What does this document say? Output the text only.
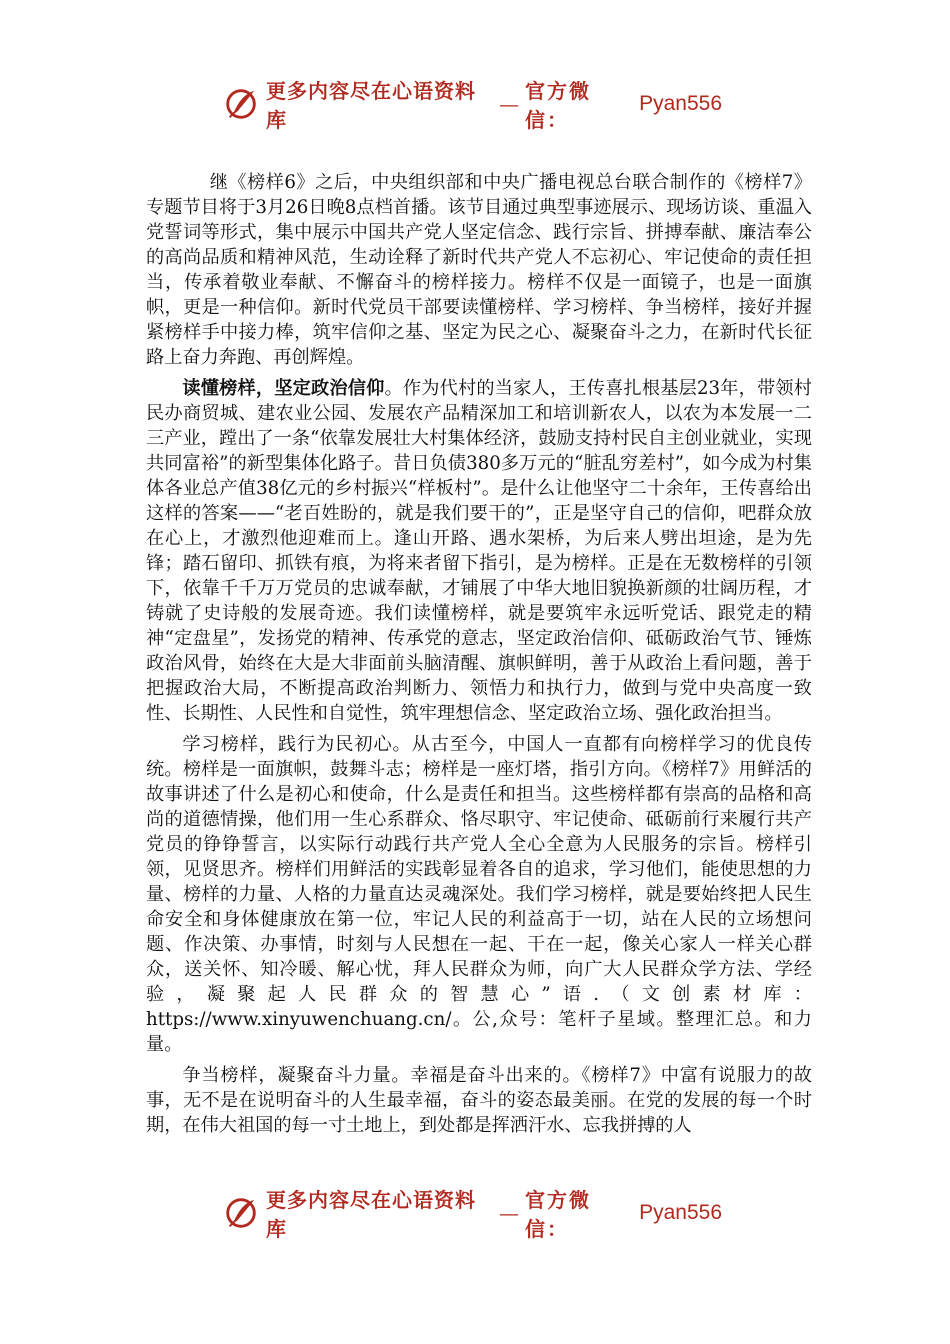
更多内容尽在心语资料库
—
官方微信：
Pyan556

继《榜样6》之后，中央组织部和中央广播电视总台联合制作的《榜样7》专题节目将于3月26日晚8点档首播。该节目通过典型事迹展示、现场访谈、重温入党誓词等形式，集中展示中国共产党人坚定信念、践行宗旨、拼搏奉献、廉洁奉公的高尚品质和精神风范，生动诠释了新时代共产党人不忘初心、牢记使命的责任担当，传承着敬业奉献、不懈奋斗的榜样接力。榜样不仅是一面镜子，也是一面旗帜，更是一种信仰。新时代党员干部要读懂榜样、学习榜样、争当榜样，接好并握紧榜样手中接力棒，筑牢信仰之基、坚定为民之心、凝聚奋斗之力，在新时代长征路上奋力奔跑、再创辉煌。

读懂榜样，坚定政治信仰。作为代村的当家人，王传喜扎根基层23年，带领村民办商贸城、建农业公园、发展农产品精深加工和培训新农人，以农为本发展一二三产业，蹚出了一条“依靠发展壮大村集体经济，鼓励支持村民自主创业就业，实现共同富裕”的新型集体化路子。昔日负债380多万元的“脏乱穷差村”，如今成为村集体各业总产值38亿元的乡村振兴“样板村”。是什么让他坚守二十余年，王传喜给出这样的答案——“老百姓盼的，就是我们要干的”，正是坚守自己的信仰，吧群众放在心上，才激烈他迎难而上。逢山开路、遇水架桥，为后来人劈出坦途，是为先锋；踏石留印、抓铁有痕，为将来者留下指引，是为榜样。正是在无数榜样的引领下，依靠千千万万党员的忠诚奉献，才铺展了中华大地旧貌换新颜的壮阔历程，才铸就了史诗般的发展奇迹。我们读懂榜样，就是要筑牢永远听党话、跟党走的精神“定盘星”，发扬党的精神、传承党的意志，坚定政治信仰、砥砺政治气节、锤炼政治风骨，始终在大是大非面前头脑清醒、旗帜鲜明，善于从政治上看问题，善于把握政治大局，不断提高政治判断力、领悟力和执行力，做到与党中央高度一致性、长期性、人民性和自觉性，筑牢理想信念、坚定政治立场、强化政治担当。

学习榜样，践行为民初心。从古至今，中国人一直都有向榜样学习的优良传统。榜样是一面旗帜，鼓舞斗志；榜样是一座灯塔，指引方向。《榜样7》用鲜活的故事讲述了什么是初心和使命，什么是责任和担当。这些榜样都有崇高的品格和高尚的道德情操，他们用一生心系群众、恪尽职守、牢记使命、砥砺前行来履行共产党员的铮铮誓言，以实际行动践行共产党人全心全意为人民服务的宗旨。榜样引领，见贤思齐。榜样们用鲜活的实践彰显着各自的追求，学习他们，能使思想的力量、榜样的力量、人格的力量直达灵魂深处。我们学习榜样，就是要始终把人民生命安全和身体健康放在第一位，牢记人民的利益高于一切，站在人民的立场想问题、作决策、办事情，时刻与人民想在一起、干在一起，像关心家人一样关心群众，送关怀、知冷暖、解心忧，拜人民群众为师，向广大人民群众学方法、学经验，凝聚起人民群众的智慧心”语.（文创素材库：https://www.xinyuwenchuang.cn/。公,众号：笔杆子星域。整理汇总。和力量。

争当榜样，凝聚奋斗力量。幸福是奋斗出来的。《榜样7》中富有说服力的故事，无不是在说明奋斗的人生最幸福，奋斗的姿态最美丽。在党的发展的每一个时期，在伟大祖国的每一寸土地上，到处都是挥洒汗水、忘我拼搏的人

更多内容尽在心语资料库
—
官方微信：
Pyan556
